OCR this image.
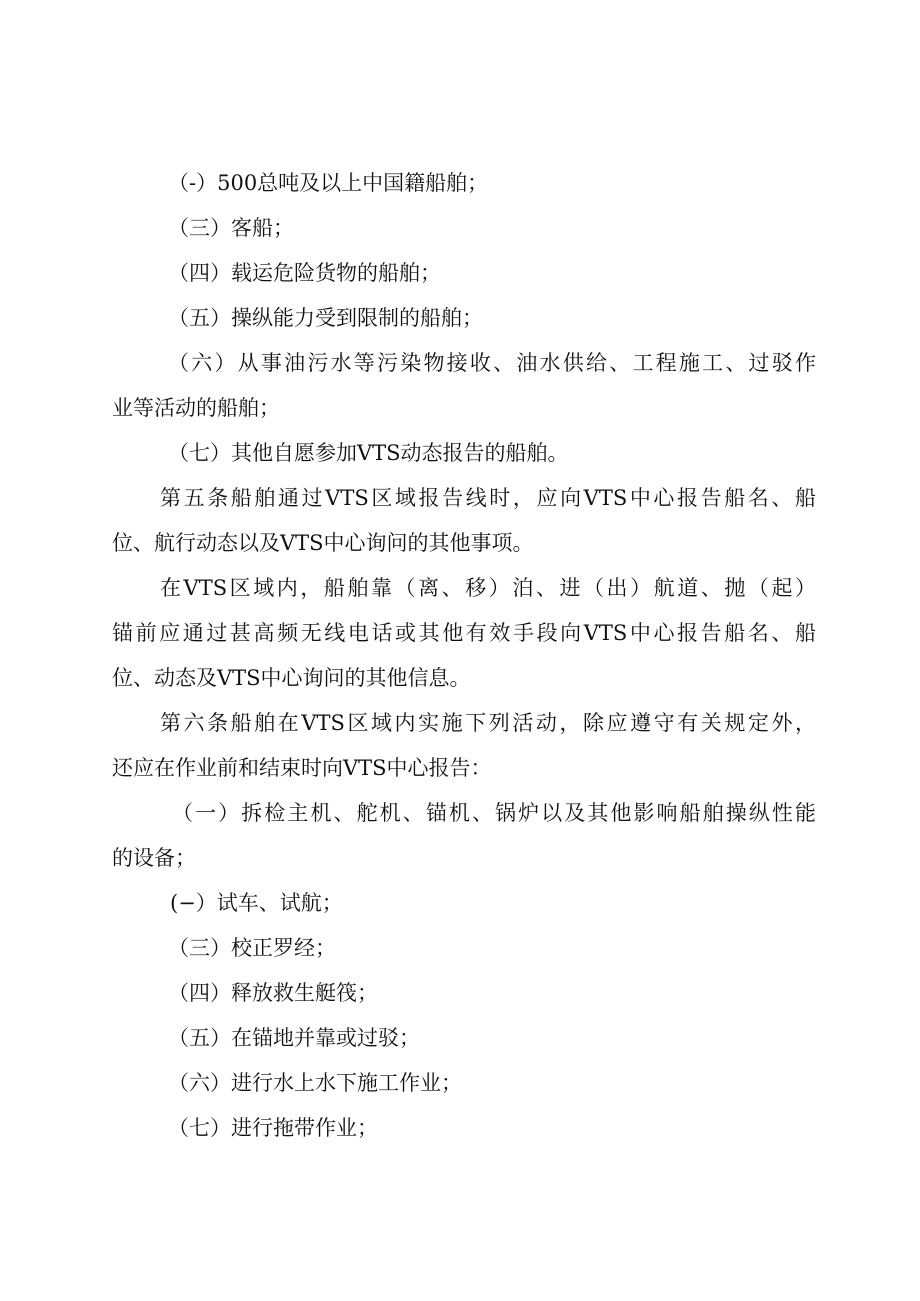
（-）500总吨及以上中国籍船舶；
（三）客船；
（四）载运危险货物的船舶；
（五）操纵能力受到限制的船舶；
（六）从事油污水等污染物接收、油水供给、工程施工、过驳作
业等活动的船舶；
（七）其他自愿参加VTS动态报告的船舶。
第五条船舶通过VTS区域报告线时，应向VTS中心报告船名、船
位、航行动态以及VTS中心询问的其他事项。
在VTS区域内，船舶靠（离、移）泊、进（出）航道、抛（起）
锚前应通过甚高频无线电话或其他有效手段向VTS中心报告船名、船
位、动态及VTS中心询问的其他信息。
第六条船舶在VTS区域内实施下列活动，除应遵守有关规定外，
还应在作业前和结束时向VTS中心报告：
（一）拆检主机、舵机、锚机、锅炉以及其他影响船舶操纵性能
的设备；
(−）试车、试航；
（三）校正罗经；
（四）释放救生艇筏；
（五）在锚地并靠或过驳；
（六）进行水上水下施工作业；
（七）进行拖带作业；
